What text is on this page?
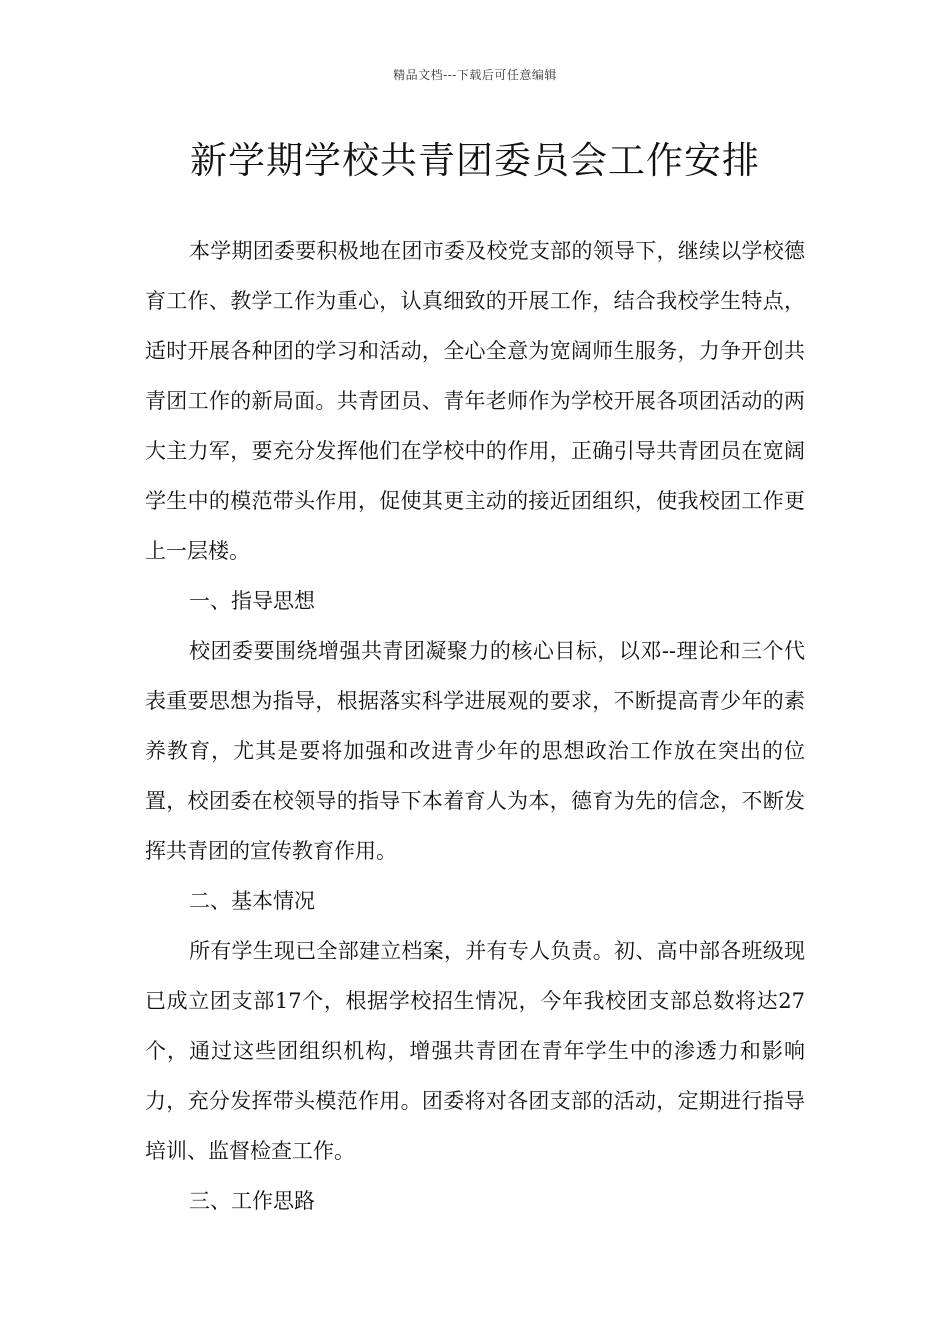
精品文档---下载后可任意编辑
新学期学校共青团委员会工作安排

本学期团委要积极地在团市委及校党支部的领导下，继续以学校德育工作、教学工作为重心，认真细致的开展工作，结合我校学生特点，适时开展各种团的学习和活动，全心全意为宽阔师生服务，力争开创共青团工作的新局面。共青团员、青年老师作为学校开展各项团活动的两大主力军，要充分发挥他们在学校中的作用，正确引导共青团员在宽阔学生中的模范带头作用，促使其更主动的接近团组织，使我校团工作更上一层楼。

一、指导思想

校团委要围绕增强共青团凝聚力的核心目标，以邓--理论和三个代表重要思想为指导，根据落实科学进展观的要求，不断提高青少年的素养教育，尤其是要将加强和改进青少年的思想政治工作放在突出的位置，校团委在校领导的指导下本着育人为本，德育为先的信念，不断发挥共青团的宣传教育作用。

二、基本情况

所有学生现已全部建立档案，并有专人负责。初、高中部各班级现已成立团支部17个，根据学校招生情况，今年我校团支部总数将达27个，通过这些团组织机构，增强共青团在青年学生中的渗透力和影响力，充分发挥带头模范作用。团委将对各团支部的活动，定期进行指导培训、监督检查工作。

三、工作思路
